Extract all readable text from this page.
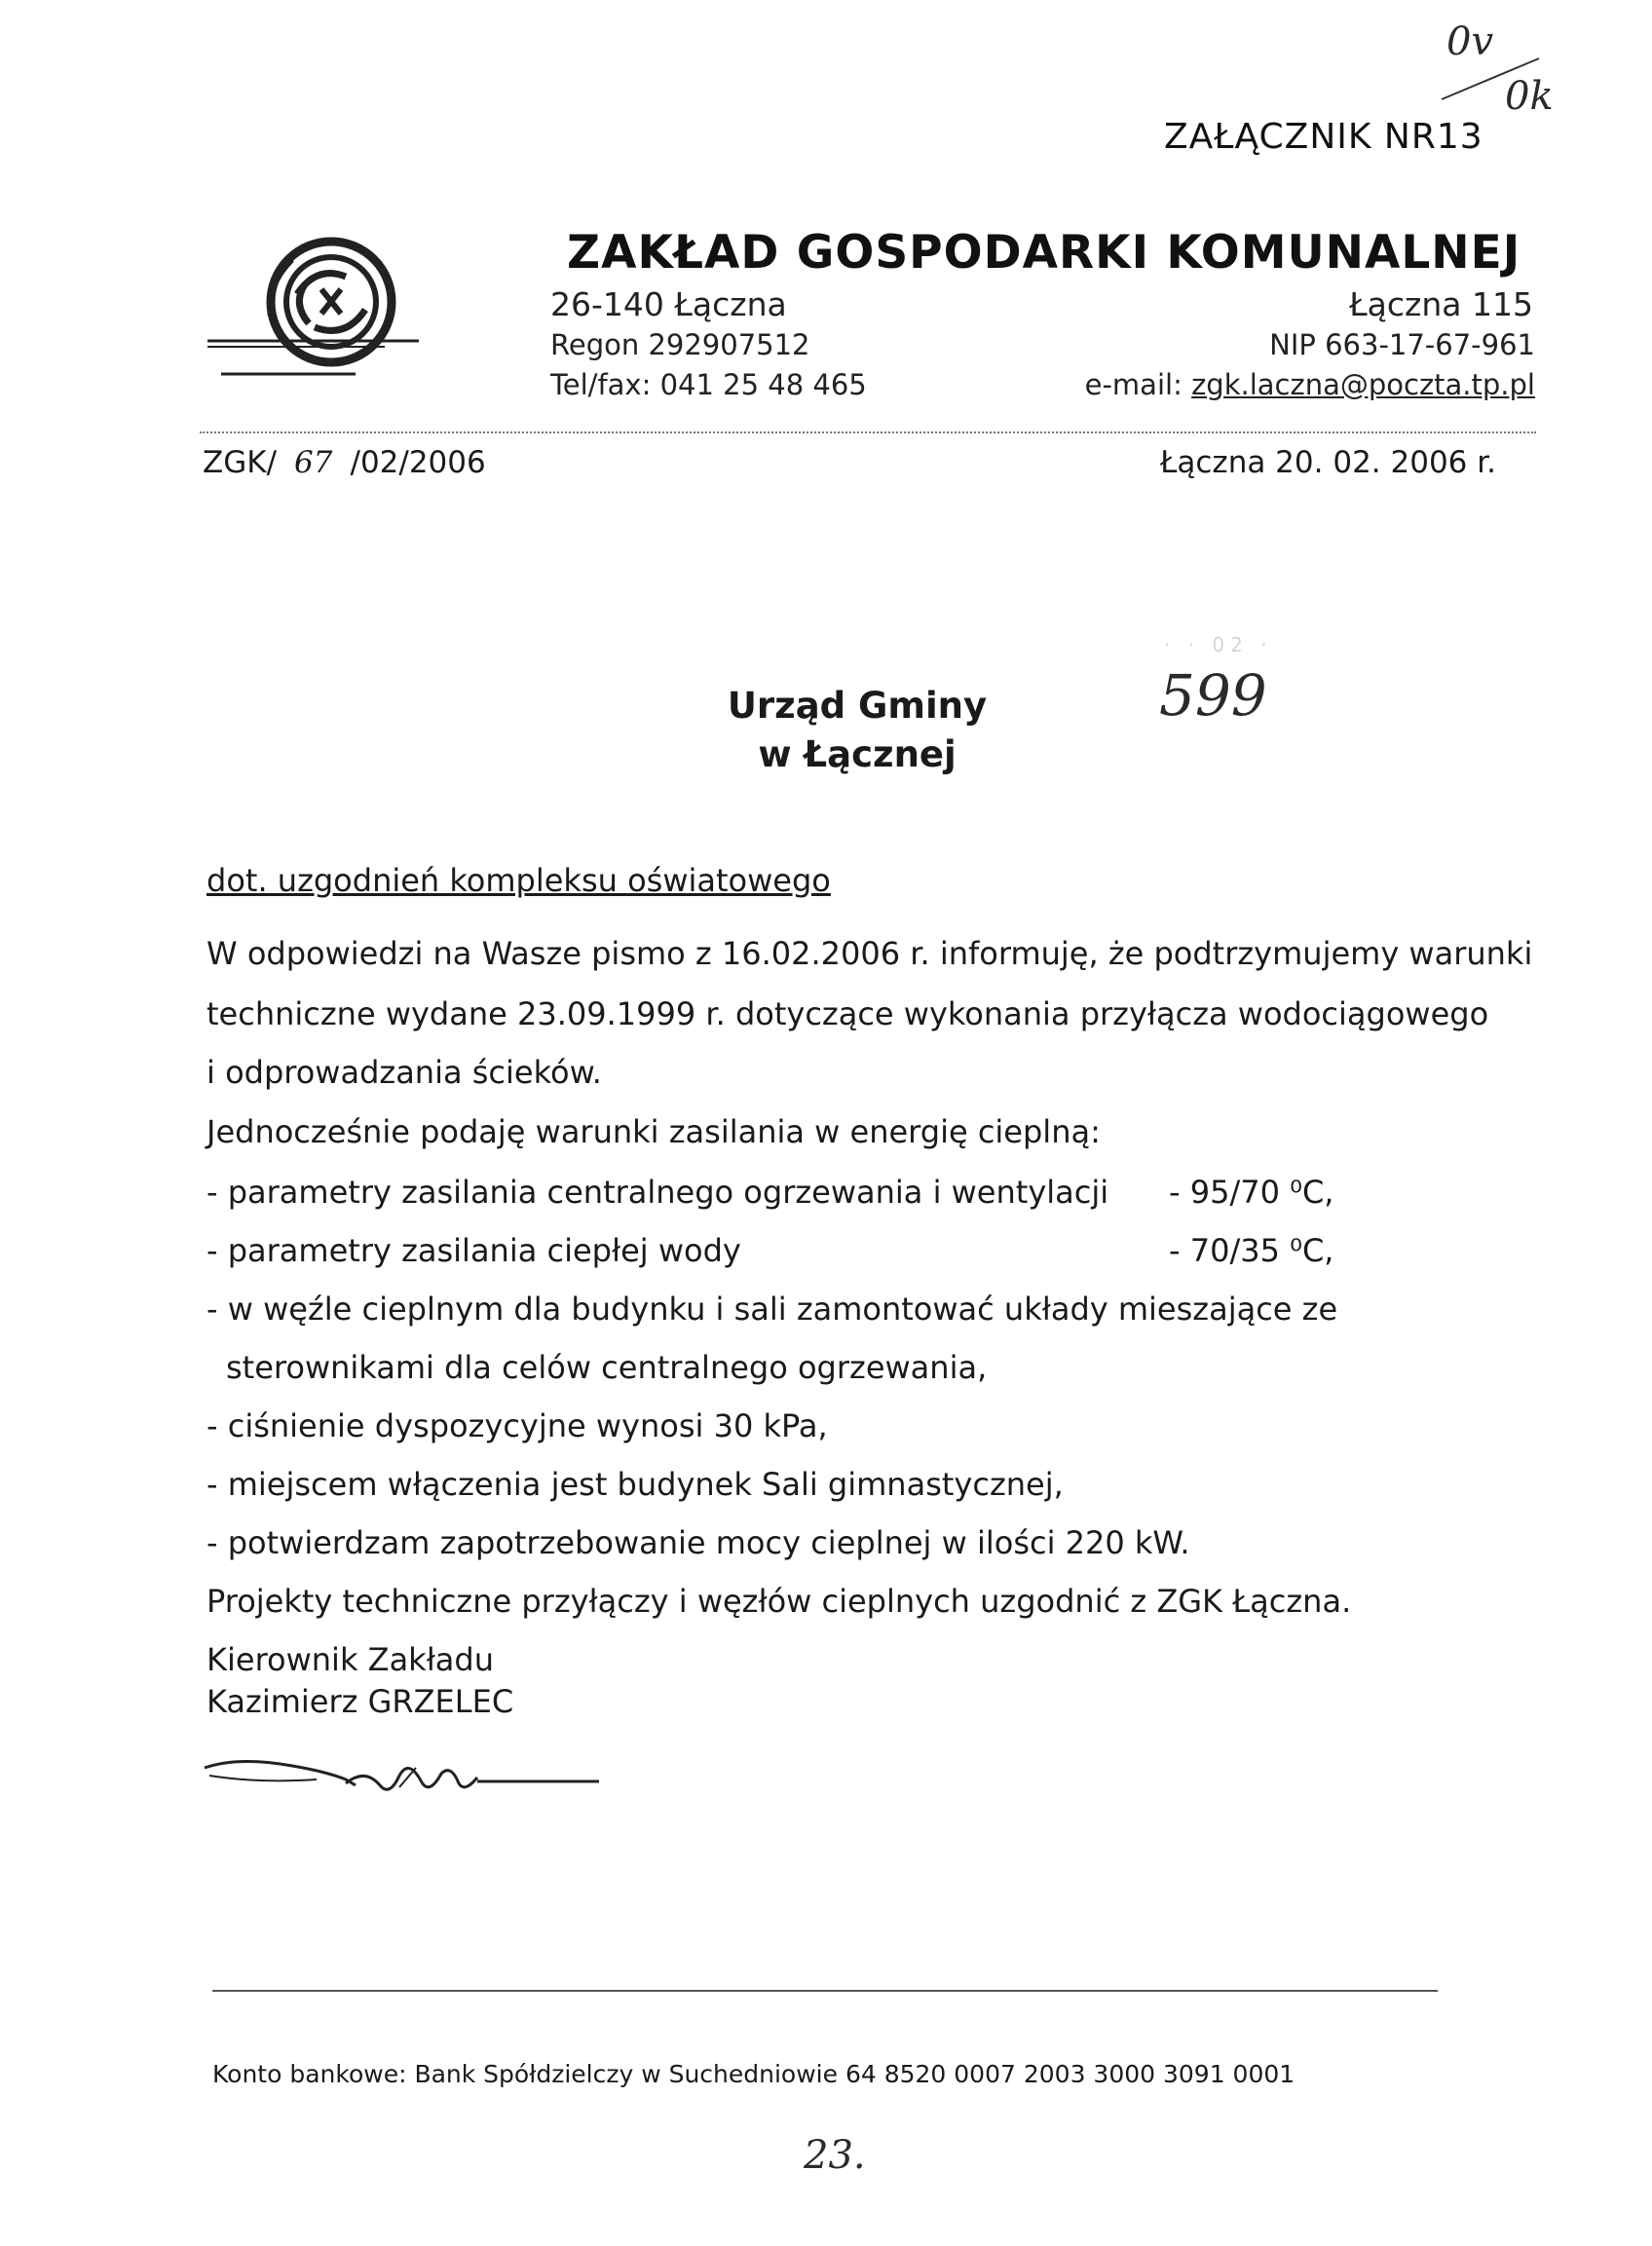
0v
0k
ZAŁĄCZNIK NR13
ZAKŁAD GOSPODARKI KOMUNALNEJ
26-140 Łączna	Łączna 115
Regon 292907512	NIP 663-17-67-961
Tel/fax: 041 25 48 465	e-mail: zgk.laczna@poczta.tp.pl
ZGK/ 67 /02/2006	Łączna 20. 02. 2006 r.
· · 02 ·
599
Urząd Gminy
w Łącznej
dot. uzgodnień kompleksu oświatowego
W odpowiedzi na Wasze pismo z 16.02.2006 r. informuję, że podtrzymujemy warunki
techniczne wydane 23.09.1999 r. dotyczące wykonania przyłącza wodociągowego
i odprowadzania ścieków.
Jednocześnie podaję warunki zasilania w energię cieplną:
- parametry zasilania centralnego ogrzewania i wentylacji - 95/70 ⁰C,
- parametry zasilania ciepłej wody	- 70/35 ⁰C,
- w węźle cieplnym dla budynku i sali zamontować układy mieszające ze
sterownikami dla celów centralnego ogrzewania,
- ciśnienie dyspozycyjne wynosi 30 kPa,
- miejscem włączenia jest budynek Sali gimnastycznej,
- potwierdzam zapotrzebowanie mocy cieplnej w ilości 220 kW.
Projekty techniczne przyłączy i węzłów cieplnych uzgodnić z ZGK Łączna.
Kierownik Zakładu
Kazimierz GRZELEC
Konto bankowe: Bank Spółdzielczy w Suchedniowie 64 8520 0007 2003 3000 3091 0001
23.
